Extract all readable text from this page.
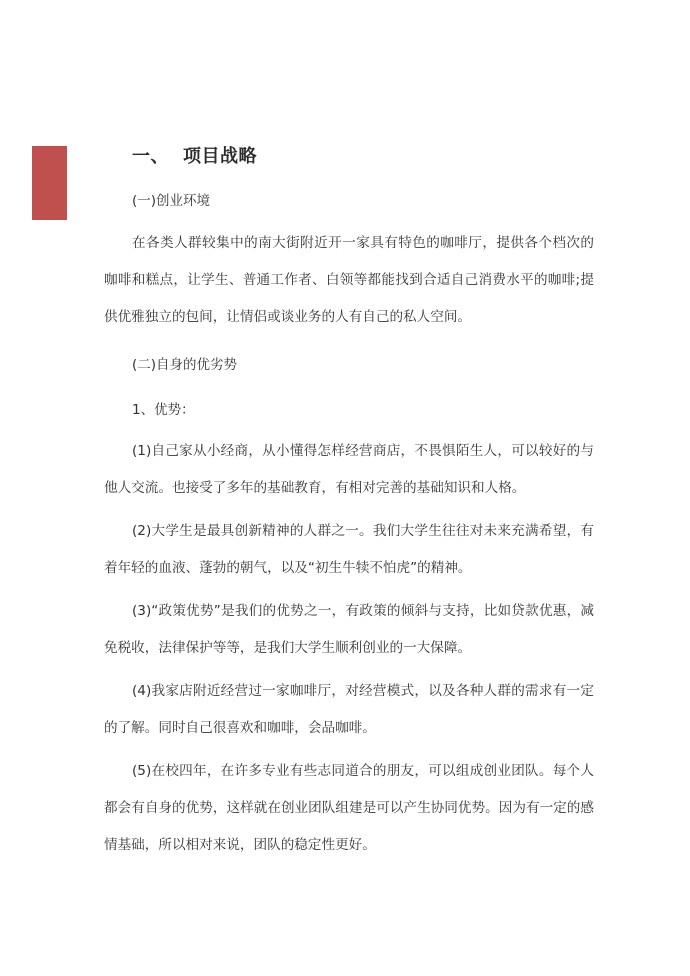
一、 项目战略
(一)创业环境

在各类人群较集中的南大街附近开一家具有特色的咖啡厅，提供各个档次的咖啡和糕点，让学生、普通工作者、白领等都能找到合适自己消费水平的咖啡;提供优雅独立的包间，让情侣或谈业务的人有自己的私人空间。

(二)自身的优劣势
1、优势：

(1)自己家从小经商，从小懂得怎样经营商店，不畏惧陌生人，可以较好的与他人交流。也接受了多年的基础教育，有相对完善的基础知识和人格。

(2)大学生是最具创新精神的人群之一。我们大学生往往对未来充满希望，有着年轻的血液、蓬勃的朝气，以及“初生牛犊不怕虎”的精神。

(3)“政策优势”是我们的优势之一，有政策的倾斜与支持，比如贷款优惠，减免税收，法律保护等等，是我们大学生顺利创业的一大保障。

(4)我家店附近经营过一家咖啡厅，对经营模式，以及各种人群的需求有一定的了解。同时自己很喜欢和咖啡，会品咖啡。

(5)在校四年，在许多专业有些志同道合的朋友，可以组成创业团队。每个人都会有自身的优势，这样就在创业团队组建是可以产生协同优势。因为有一定的感情基础，所以相对来说，团队的稳定性更好。
